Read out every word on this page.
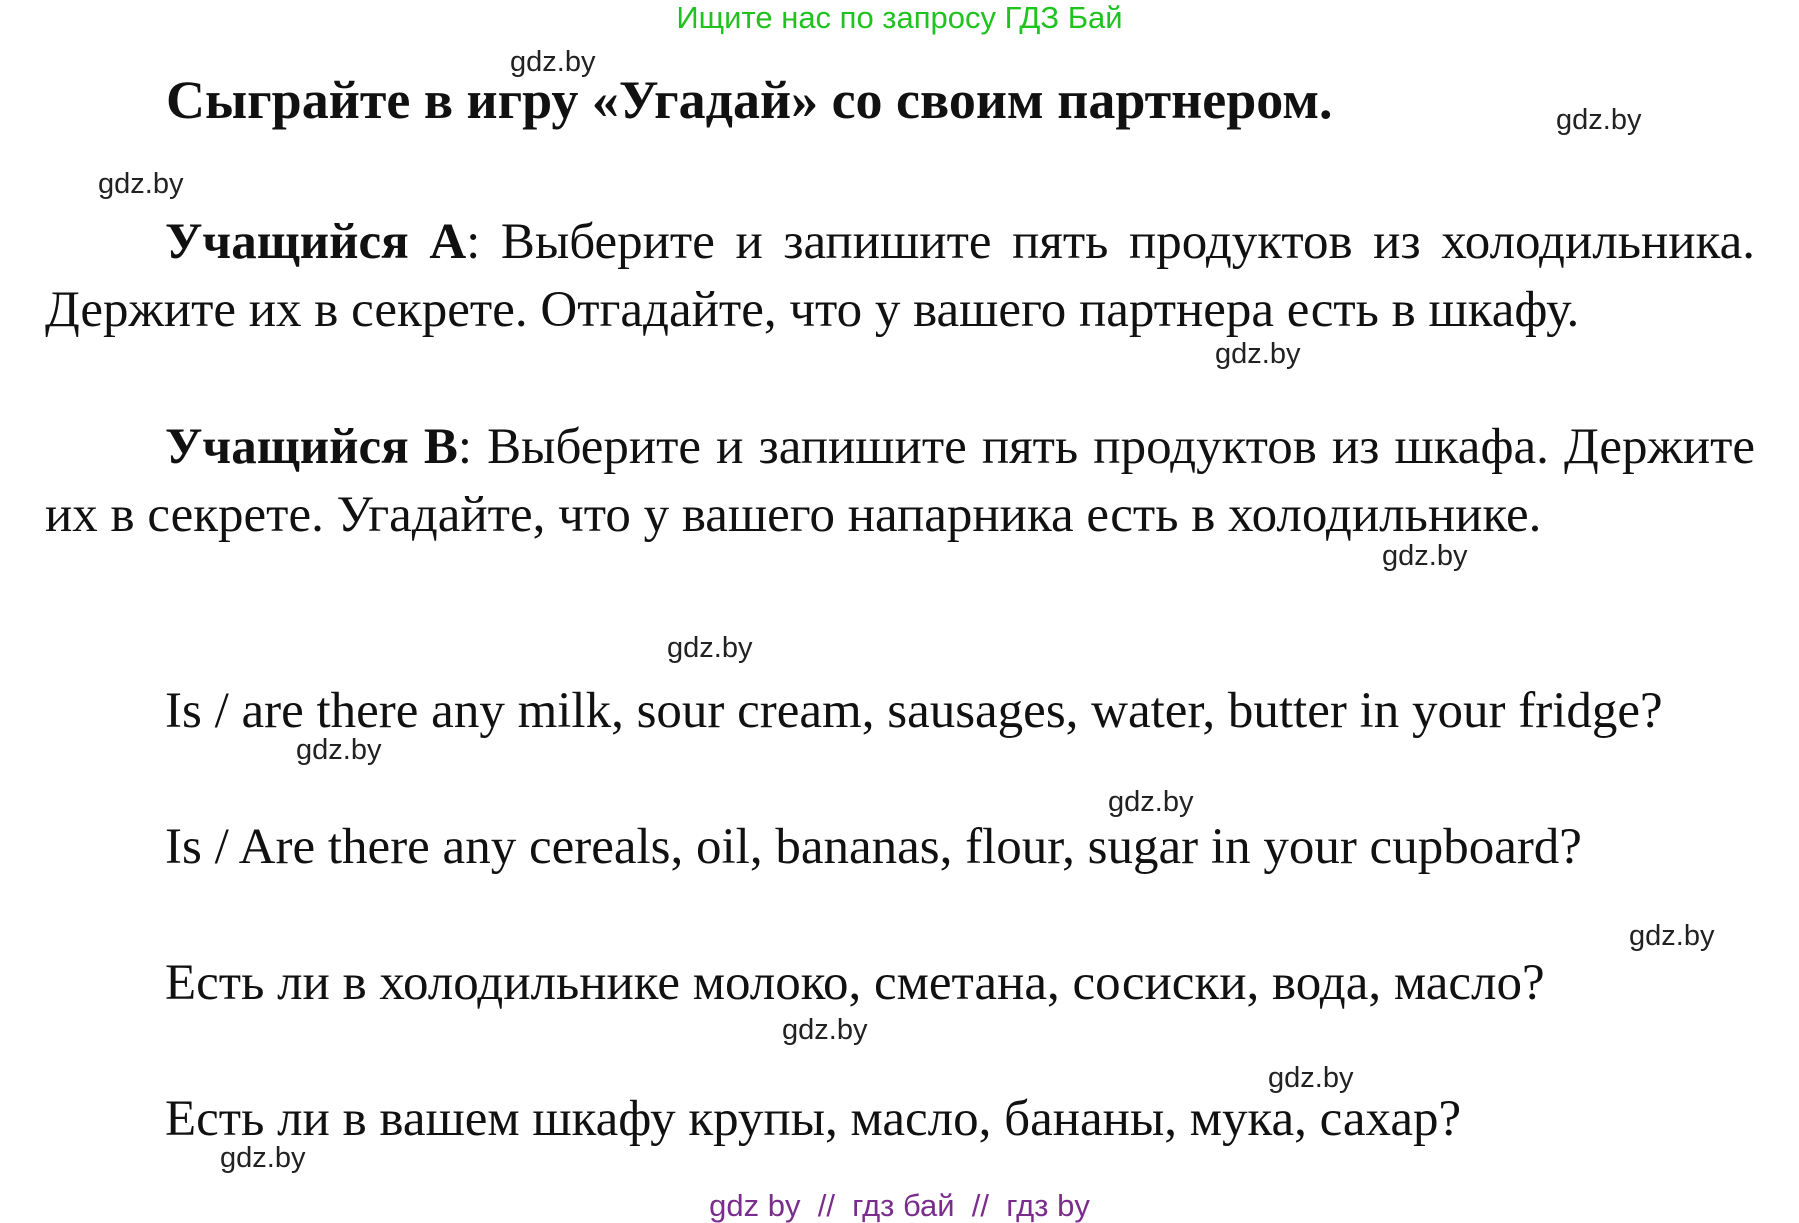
Ищите нас по запросу ГДЗ Бай
Сыграйте в игру «Угадай» со своим партнером.
Учащийся А: Выберите и запишите пять продуктов из холодильника. Держите их в секрете. Отгадайте, что у вашего партнера есть в шкафу.
Учащийся В: Выберите и запишите пять продуктов из шкафа. Держите их в секрете. Угадайте, что у вашего напарника есть в холодильнике.
Is / are there any milk, sour cream, sausages, water, butter in your fridge?
Is / Are there any cereals, oil, bananas, flour, sugar in your cupboard?
Есть ли в холодильнике молоко, сметана, сосиски, вода, масло?
Есть ли в вашем шкафу крупы, масло, бананы, мука, сахар?
gdz.by
gdz.by
gdz.by
gdz.by
gdz.by
gdz.by
gdz.by
gdz.by
gdz.by
gdz.by
gdz.by
gdz.by
gdz by  //  гдз бай  //  гдз by
